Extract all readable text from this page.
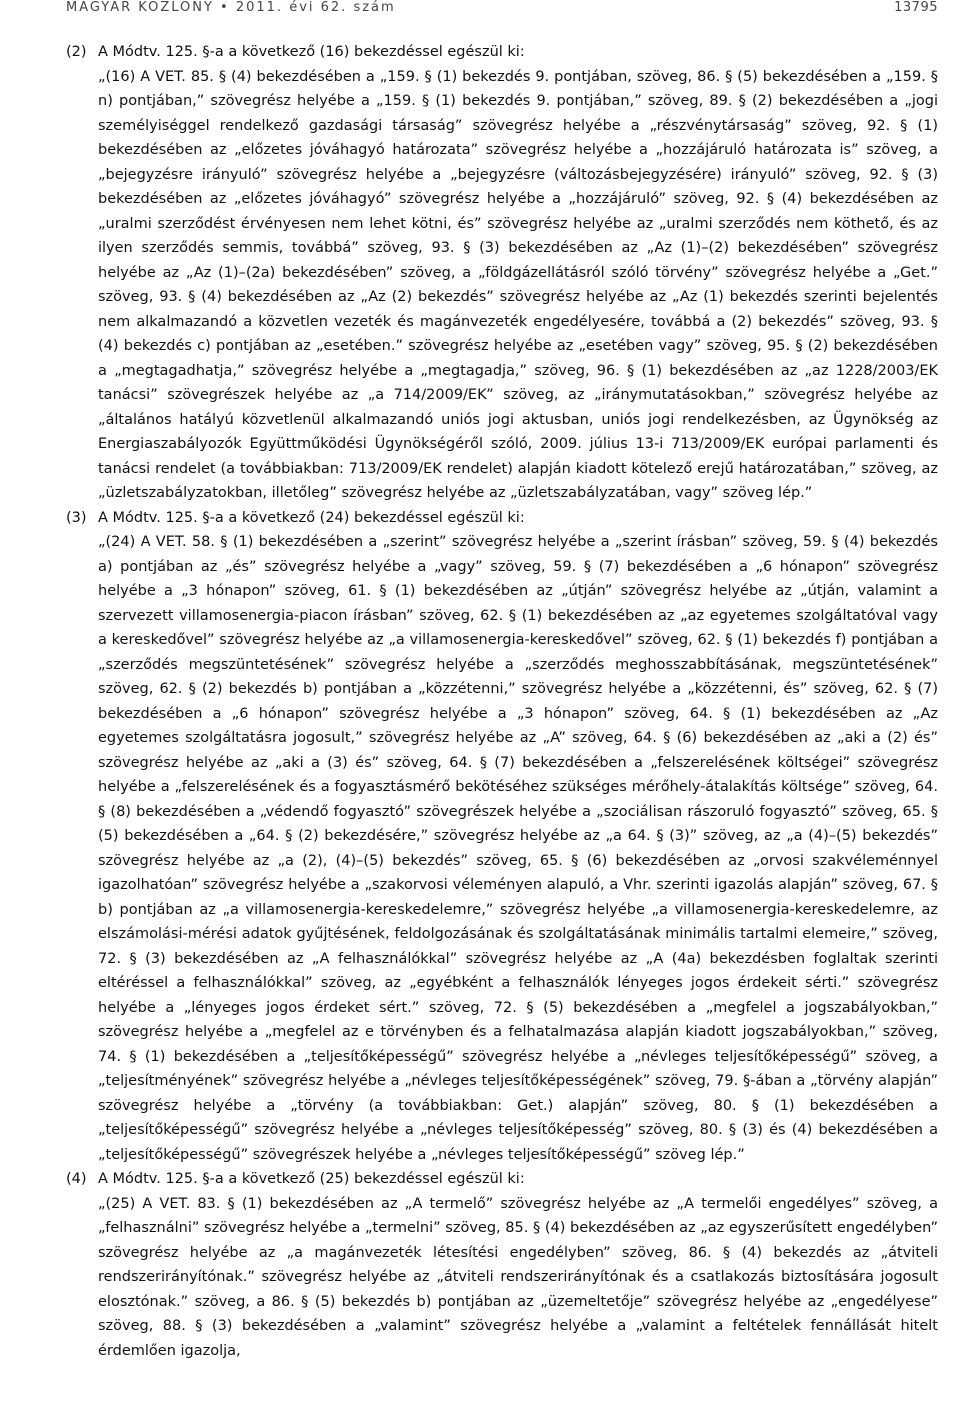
MAGYAR KÖZLÖNY • 2011. évi 62. szám	13795
(2) A Módtv. 125. §-a a következő (16) bekezdéssel egészül ki:

„(16) A VET. 85. § (4) bekezdésében a „159. § (1) bekezdés 9. pontjában, szöveg, 86. § (5) bekezdésében a „159. § n) pontjában,” szövegrész helyébe a „159. § (1) bekezdés 9. pontjában,” szöveg, 89. § (2) bekezdésében a „jogi személyiséggel rendelkező gazdasági társaság” szövegrész helyébe a „részvénytársaság” szöveg, 92. § (1) bekezdésében az „előzetes jóváhagyó határozata” szövegrész helyébe a „hozzájáruló határozata is” szöveg, a „bejegyzésre irányuló” szövegrész helyébe a „bejegyzésre (változásbejegyzésére) irányuló” szöveg, 92. § (3) bekezdésében az „előzetes jóváhagyó” szövegrész helyébe a „hozzájáruló” szöveg, 92. § (4) bekezdésében az „uralmi szerződést érvényesen nem lehet kötni, és” szövegrész helyébe az „uralmi szerződés nem köthető, és az ilyen szerződés semmis, továbbá” szöveg, 93. § (3) bekezdésében az „Az (1)–(2) bekezdésében” szövegrész helyébe az „Az (1)–(2a) bekezdésében” szöveg, a „földgázellátásról szóló törvény” szövegrész helyébe a „Get.” szöveg, 93. § (4) bekezdésében az „Az (2) bekezdés” szövegrész helyébe az „Az (1) bekezdés szerinti bejelentés nem alkalmazandó a közvetlen vezeték és magánvezeték engedélyesére, továbbá a (2) bekezdés” szöveg, 93. § (4) bekezdés c) pontjában az „esetében.” szövegrész helyébe az „esetében vagy” szöveg, 95. § (2) bekezdésében a „megtagadhatja,” szövegrész helyébe a „megtagadja,” szöveg, 96. § (1) bekezdésében az „az 1228/2003/EK tanácsi” szövegrészek helyébe az „a 714/2009/EK” szöveg, az „iránymutatásokban,” szövegrész helyébe az „általános hatályú közvetlenül alkalmazandó uniós jogi aktusban, uniós jogi rendelkezésben, az Ügynökség az Energiaszabályozók Együttműködési Ügynökségéről szóló, 2009. július 13-i 713/2009/EK európai parlamenti és tanácsi rendelet (a továbbiakban: 713/2009/EK rendelet) alapján kiadott kötelező erejű határozatában,” szöveg, az „üzletszabályzatokban, illetőleg” szövegrész helyébe az „üzletszabályzatában, vagy” szöveg lép.”

(3) A Módtv. 125. §-a a következő (24) bekezdéssel egészül ki:

„(24) A VET. 58. § (1) bekezdésében a „szerint” szövegrész helyébe a „szerint írásban” szöveg, 59. § (4) bekezdés a) pontjában az „és” szövegrész helyébe a „vagy” szöveg, 59. § (7) bekezdésében a „6 hónapon” szövegrész helyébe a „3 hónapon” szöveg, 61. § (1) bekezdésében az „útján” szövegrész helyébe az „útján, valamint a szervezett villamosenergia-piacon írásban” szöveg, 62. § (1) bekezdésében az „az egyetemes szolgáltatóval vagy a kereskedővel” szövegrész helyébe az „a villamosenergia-kereskedővel” szöveg, 62. § (1) bekezdés f) pontjában a „szerződés megszüntetésének” szövegrész helyébe a „szerződés meghosszabbításának, megszüntetésének” szöveg, 62. § (2) bekezdés b) pontjában a „közzétenni,” szövegrész helyébe a „közzétenni, és” szöveg, 62. § (7) bekezdésében a „6 hónapon” szövegrész helyébe a „3 hónapon” szöveg, 64. § (1) bekezdésében az „Az egyetemes szolgáltatásra jogosult,” szövegrész helyébe az „A” szöveg, 64. § (6) bekezdésében az „aki a (2) és” szövegrész helyébe az „aki a (3) és” szöveg, 64. § (7) bekezdésében a „felszerelésének költségei” szövegrész helyébe a „felszerelésének és a fogyasztásmérő bekötéséhez szükséges mérőhely-átalakítás költsége” szöveg, 64. § (8) bekezdésében a „védendő fogyasztó” szövegrészek helyébe a „szociálisan rászoruló fogyasztó” szöveg, 65. § (5) bekezdésében a „64. § (2) bekezdésére,” szövegrész helyébe az „a 64. § (3)” szöveg, az „a (4)–(5) bekezdés” szövegrész helyébe az „a (2), (4)–(5) bekezdés” szöveg, 65. § (6) bekezdésében az „orvosi szakvéleménnyel igazolhatóan” szövegrész helyébe a „szakorvosi véleményen alapuló, a Vhr. szerinti igazolás alapján” szöveg, 67. § b) pontjában az „a villamosenergia-kereskedelemre,” szövegrész helyébe „a villamosenergia-kereskedelemre, az elszámolási-mérési adatok gyűjtésének, feldolgozásának és szolgáltatásának minimális tartalmi elemeire,” szöveg, 72. § (3) bekezdésében az „A felhasználókkal” szövegrész helyébe az „A (4a) bekezdésben foglaltak szerinti eltéréssel a felhasználókkal” szöveg, az „egyébként a felhasználók lényeges jogos érdekeit sérti.” szövegrész helyébe a „lényeges jogos érdeket sért.” szöveg, 72. § (5) bekezdésében a „megfelel a jogszabályokban,” szövegrész helyébe a „megfelel az e törvényben és a felhatalmazása alapján kiadott jogszabályokban,” szöveg, 74. § (1) bekezdésében a „teljesítőképességű” szövegrész helyébe a „névleges teljesítőképességű” szöveg, a „teljesítményének” szövegrész helyébe a „névleges teljesítőképességének” szöveg, 79. §-ában a „törvény alapján” szövegrész helyébe a „törvény (a továbbiakban: Get.) alapján” szöveg, 80. § (1) bekezdésében a „teljesítőképességű” szövegrész helyébe a „névleges teljesítőképesség” szöveg, 80. § (3) és (4) bekezdésében a „teljesítőképességű” szövegrészek helyébe a „névleges teljesítőképességű” szöveg lép.”

(4) A Módtv. 125. §-a a következő (25) bekezdéssel egészül ki:

„(25) A VET. 83. § (1) bekezdésében az „A termelő” szövegrész helyébe az „A termelői engedélyes” szöveg, a „felhasználni” szövegrész helyébe a „termelni” szöveg, 85. § (4) bekezdésében az „az egyszerűsített engedélyben” szövegrész helyébe az „a magánvezeték létesítési engedélyben” szöveg, 86. § (4) bekezdés az „átviteli rendszerirányítónak.” szövegrész helyébe az „átviteli rendszerirányítónak és a csatlakozás biztosítására jogosult elosztónak.” szöveg, a 86. § (5) bekezdés b) pontjában az „üzemeltetője” szövegrész helyébe az „engedélyese” szöveg, 88. § (3) bekezdésében a „valamint” szövegrész helyébe a „valamint a feltételek fennállását hitelt érdemlően igazolja,
